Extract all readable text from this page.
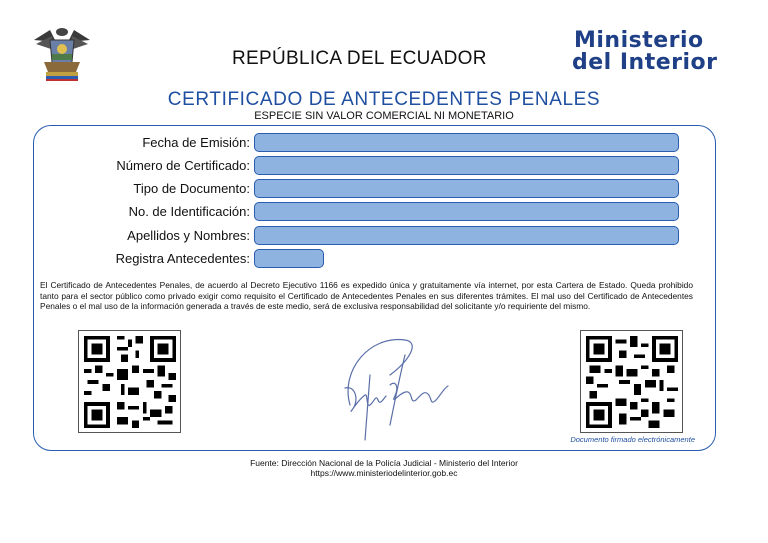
REPÚBLICA DEL ECUADOR
Ministerio
del Interior
CERTIFICADO DE ANTECEDENTES PENALES
ESPECIE SIN VALOR COMERCIAL NI MONETARIO
Fecha de Emisión:
Número de Certificado:
Tipo de Documento:
No. de Identificación:
Apellidos y Nombres:
Registra Antecedentes:
El Certificado de Antecedentes Penales, de acuerdo al Decreto Ejecutivo 1166 es expedido única y gratuitamente vía internet, por esta Cartera de Estado. Queda prohibido tanto para el sector público como privado exigir como requisito el Certificado de Antecedentes Penales en sus diferentes trámites. El mal uso del Certificado de Antecedentes Penales o el mal uso de la información generada a través de este medio, será de exclusiva responsabilidad del solicitante y/o requiriente del mismo.
Documento firmado electrónicamente
Fuente: Dirección Nacional de la Policía Judicial - Ministerio del Interior
https://www.ministeriodelinterior.gob.ec
